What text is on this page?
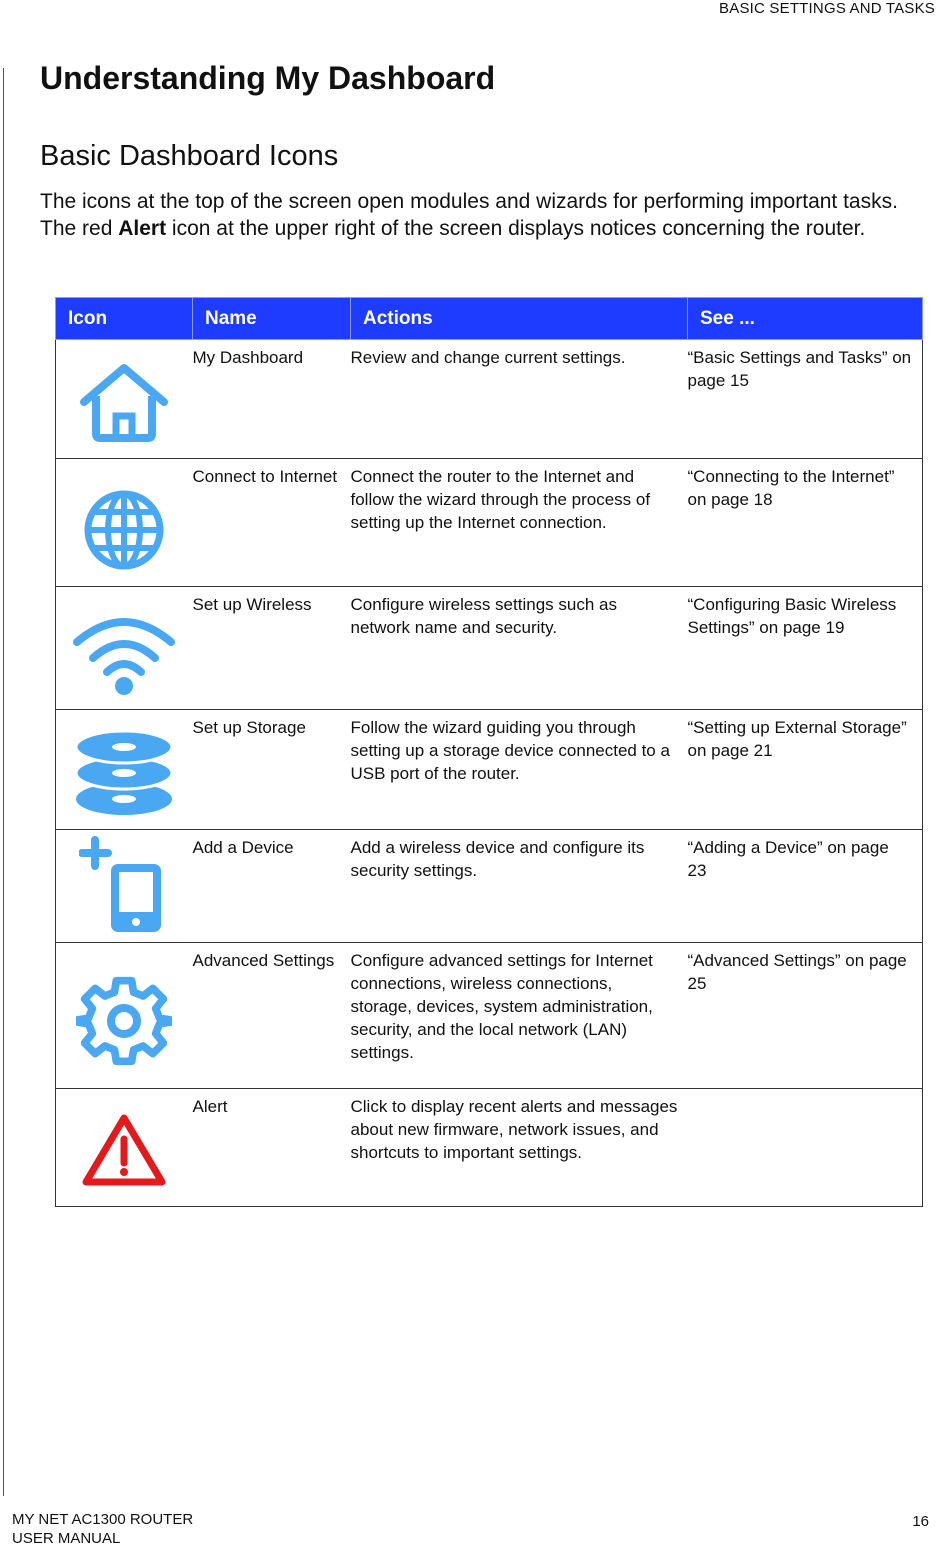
BASIC SETTINGS AND TASKS
Understanding My Dashboard
Basic Dashboard Icons

The icons at the top of the screen open modules and wizards for performing important tasks. The red Alert icon at the upper right of the screen displays notices concerning the router.

Icon	Name	Actions	See ...

	My Dashboard	Review and change current settings.	“Basic Settings and Tasks” on page 15

	Connect to Internet	Connect the router to the Internet and follow the wizard through the process of setting up the Internet connection.	“Connecting to the Internet” on page 18

	Set up Wireless	Configure wireless settings such as network name and security.	“Configuring Basic Wireless Settings” on page 19

	Set up Storage	Follow the wizard guiding you through setting up a storage device connected to a USB port of the router.	“Setting up External Storage” on page 21

	Add a Device	Add a wireless device and configure its security settings.	“Adding a Device” on page 23

	Advanced Settings	Configure advanced settings for Internet connections, wireless connections, storage, devices, system administration, security, and the local network (LAN) settings.	“Advanced Settings” on page 25

	Alert	Click to display recent alerts and messages about new firmware, network issues, and shortcuts to important settings.	
MY NET AC1300 ROUTER
USER MANUAL
16
